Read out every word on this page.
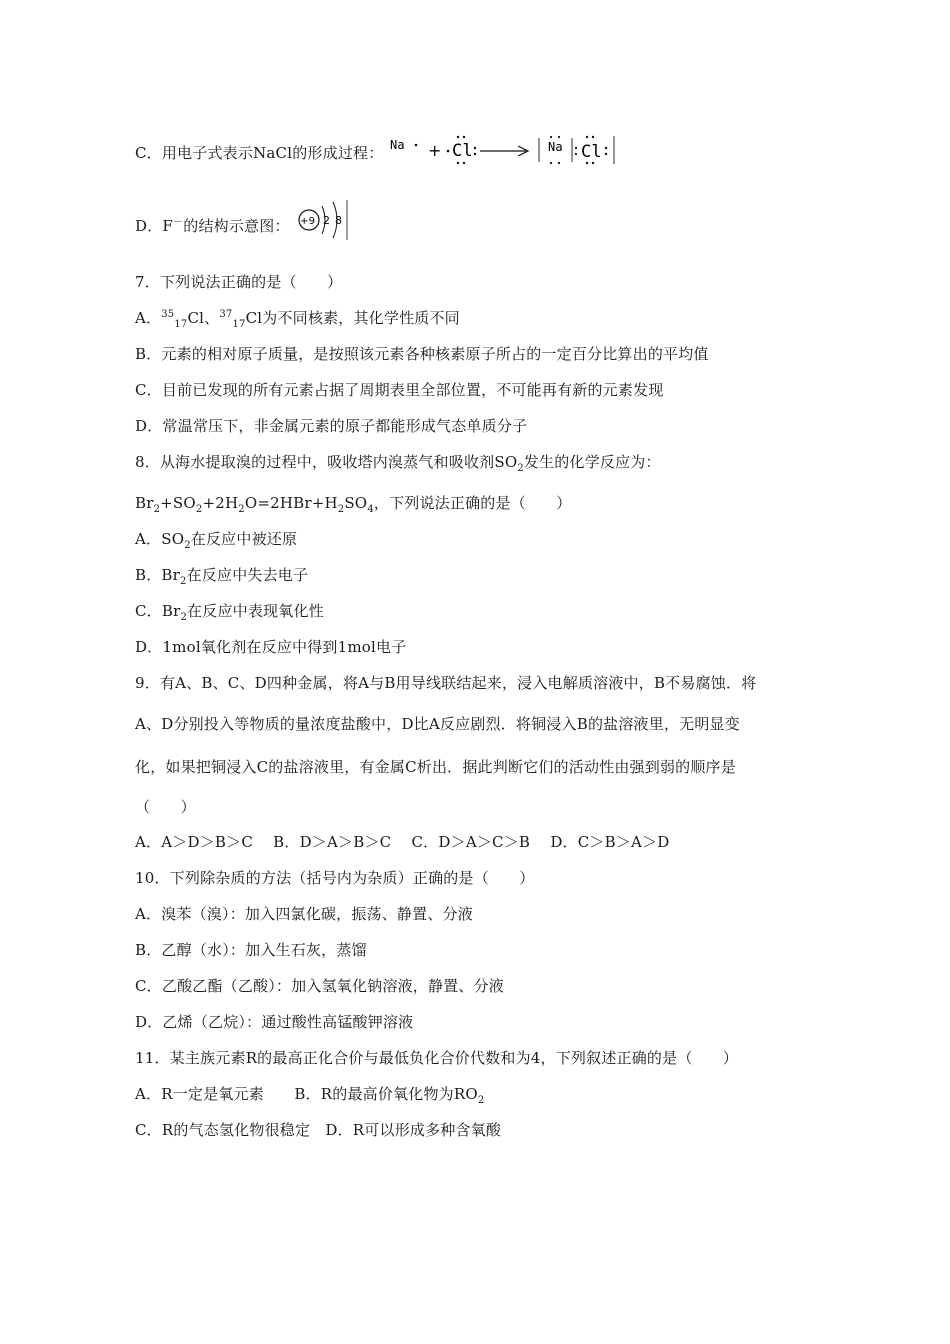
C．用电子式表示NaCl的形成过程： Na + Cl	Na Cl
D．F－的结构示意图： +9 2 8
7．下列说法正确的是（　　）
A．$^{35}_{17}$Cl、$^{37}_{17}$Cl为不同核素，其化学性质不同
B．元素的相对原子质量，是按照该元素各种核素原子所占的一定百分比算出的平均值
C．目前已发现的所有元素占据了周期表里全部位置，不可能再有新的元素发现
D．常温常压下，非金属元素的原子都能形成气态单质分子
8．从海水提取溴的过程中，吸收塔内溴蒸气和吸收剂$SO_2$发生的化学反应为：
$Br_2+SO_2+2H_2O=2HBr+H_2SO_4$，下列说法正确的是（　　）
A．$SO_2$在反应中被还原
B．$Br_2$在反应中失去电子
C．$Br_2$在反应中表现氧化性
D．1mol氧化剂在反应中得到1mol电子
9．有A、B、C、D四种金属，将A与B用导线联结起来，浸入电解质溶液中，B不易腐蚀．将
A、D分别投入等物质的量浓度盐酸中，D比A反应剧烈．将铜浸入B的盐溶液里，无明显变
化，如果把铜浸入C的盐溶液里，有金属C析出．据此判断它们的活动性由强到弱的顺序是
（　　）
A．A＞D＞B＞C　 B．D＞A＞B＞C　 C．D＞A＞C＞B　 D．C＞B＞A＞D
10．下列除杂质的方法（括号内为杂质）正确的是（　　）
A．溴苯（溴）：加入四氯化碳，振荡、静置、分液
B．乙醇（水）：加入生石灰，蒸馏
C．乙酸乙酯（乙酸）：加入氢氧化钠溶液，静置、分液
D．乙烯（乙烷）：通过酸性高锰酸钾溶液
11．某主族元素R的最高正化合价与最低负化合价代数和为4，下列叙述正确的是（　　）
A．R一定是氧元素　　B．R的最高价氧化物为$RO_2$
C．R的气态氢化物很稳定　D．R可以形成多种含氧酸
